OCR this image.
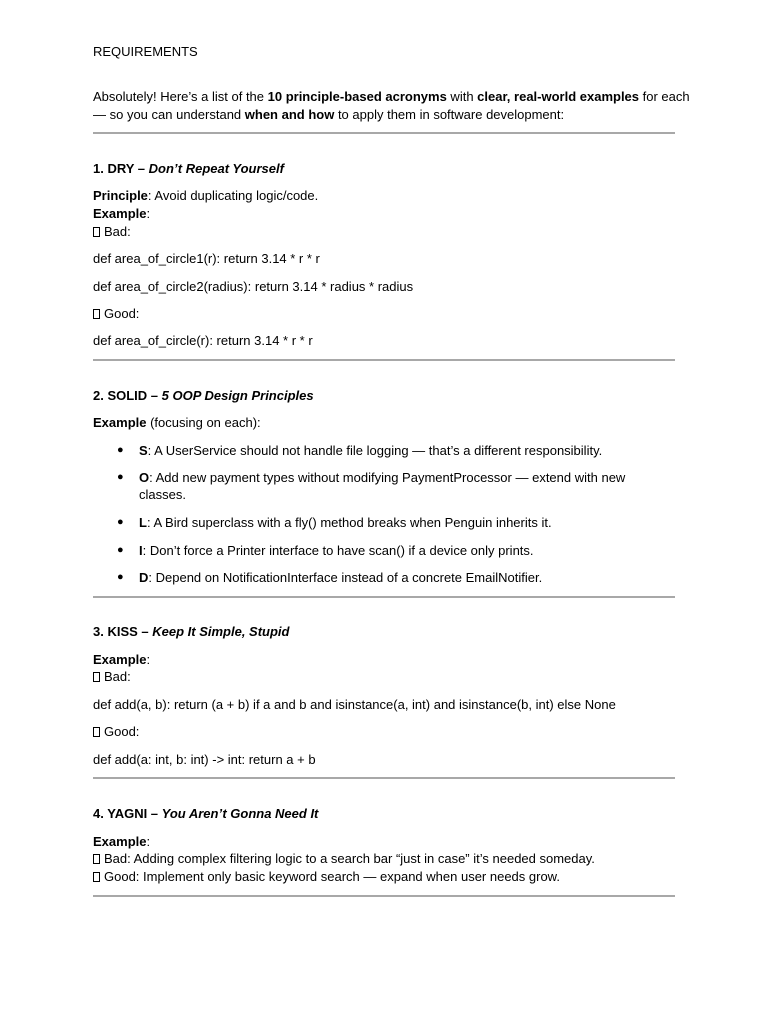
REQUIREMENTS
Absolutely! Here’s a list of the 10 principle-based acronyms with clear, real-world examples for each
— so you can understand when and how to apply them in software development:
1. DRY – Don’t Repeat Yourself
Principle: Avoid duplicating logic/code.
Example:
Bad:
def area_of_circle1(r): return 3.14 * r * r
def area_of_circle2(radius): return 3.14 * radius * radius
Good:
def area_of_circle(r): return 3.14 * r * r
2. SOLID – 5 OOP Design Principles
Example (focusing on each):
● S: A UserService should not handle file logging — that’s a different responsibility.
● O: Add new payment types without modifying PaymentProcessor — extend with new classes.
● L: A Bird superclass with a fly() method breaks when Penguin inherits it.
● I: Don’t force a Printer interface to have scan() if a device only prints.
● D: Depend on NotificationInterface instead of a concrete EmailNotifier.
3. KISS – Keep It Simple, Stupid
Example:
Bad:
def add(a, b): return (a + b) if a and b and isinstance(a, int) and isinstance(b, int) else None
Good:
def add(a: int, b: int) -> int: return a + b
4. YAGNI – You Aren’t Gonna Need It
Example:
Bad: Adding complex filtering logic to a search bar “just in case” it’s needed someday.
Good: Implement only basic keyword search — expand when user needs grow.
